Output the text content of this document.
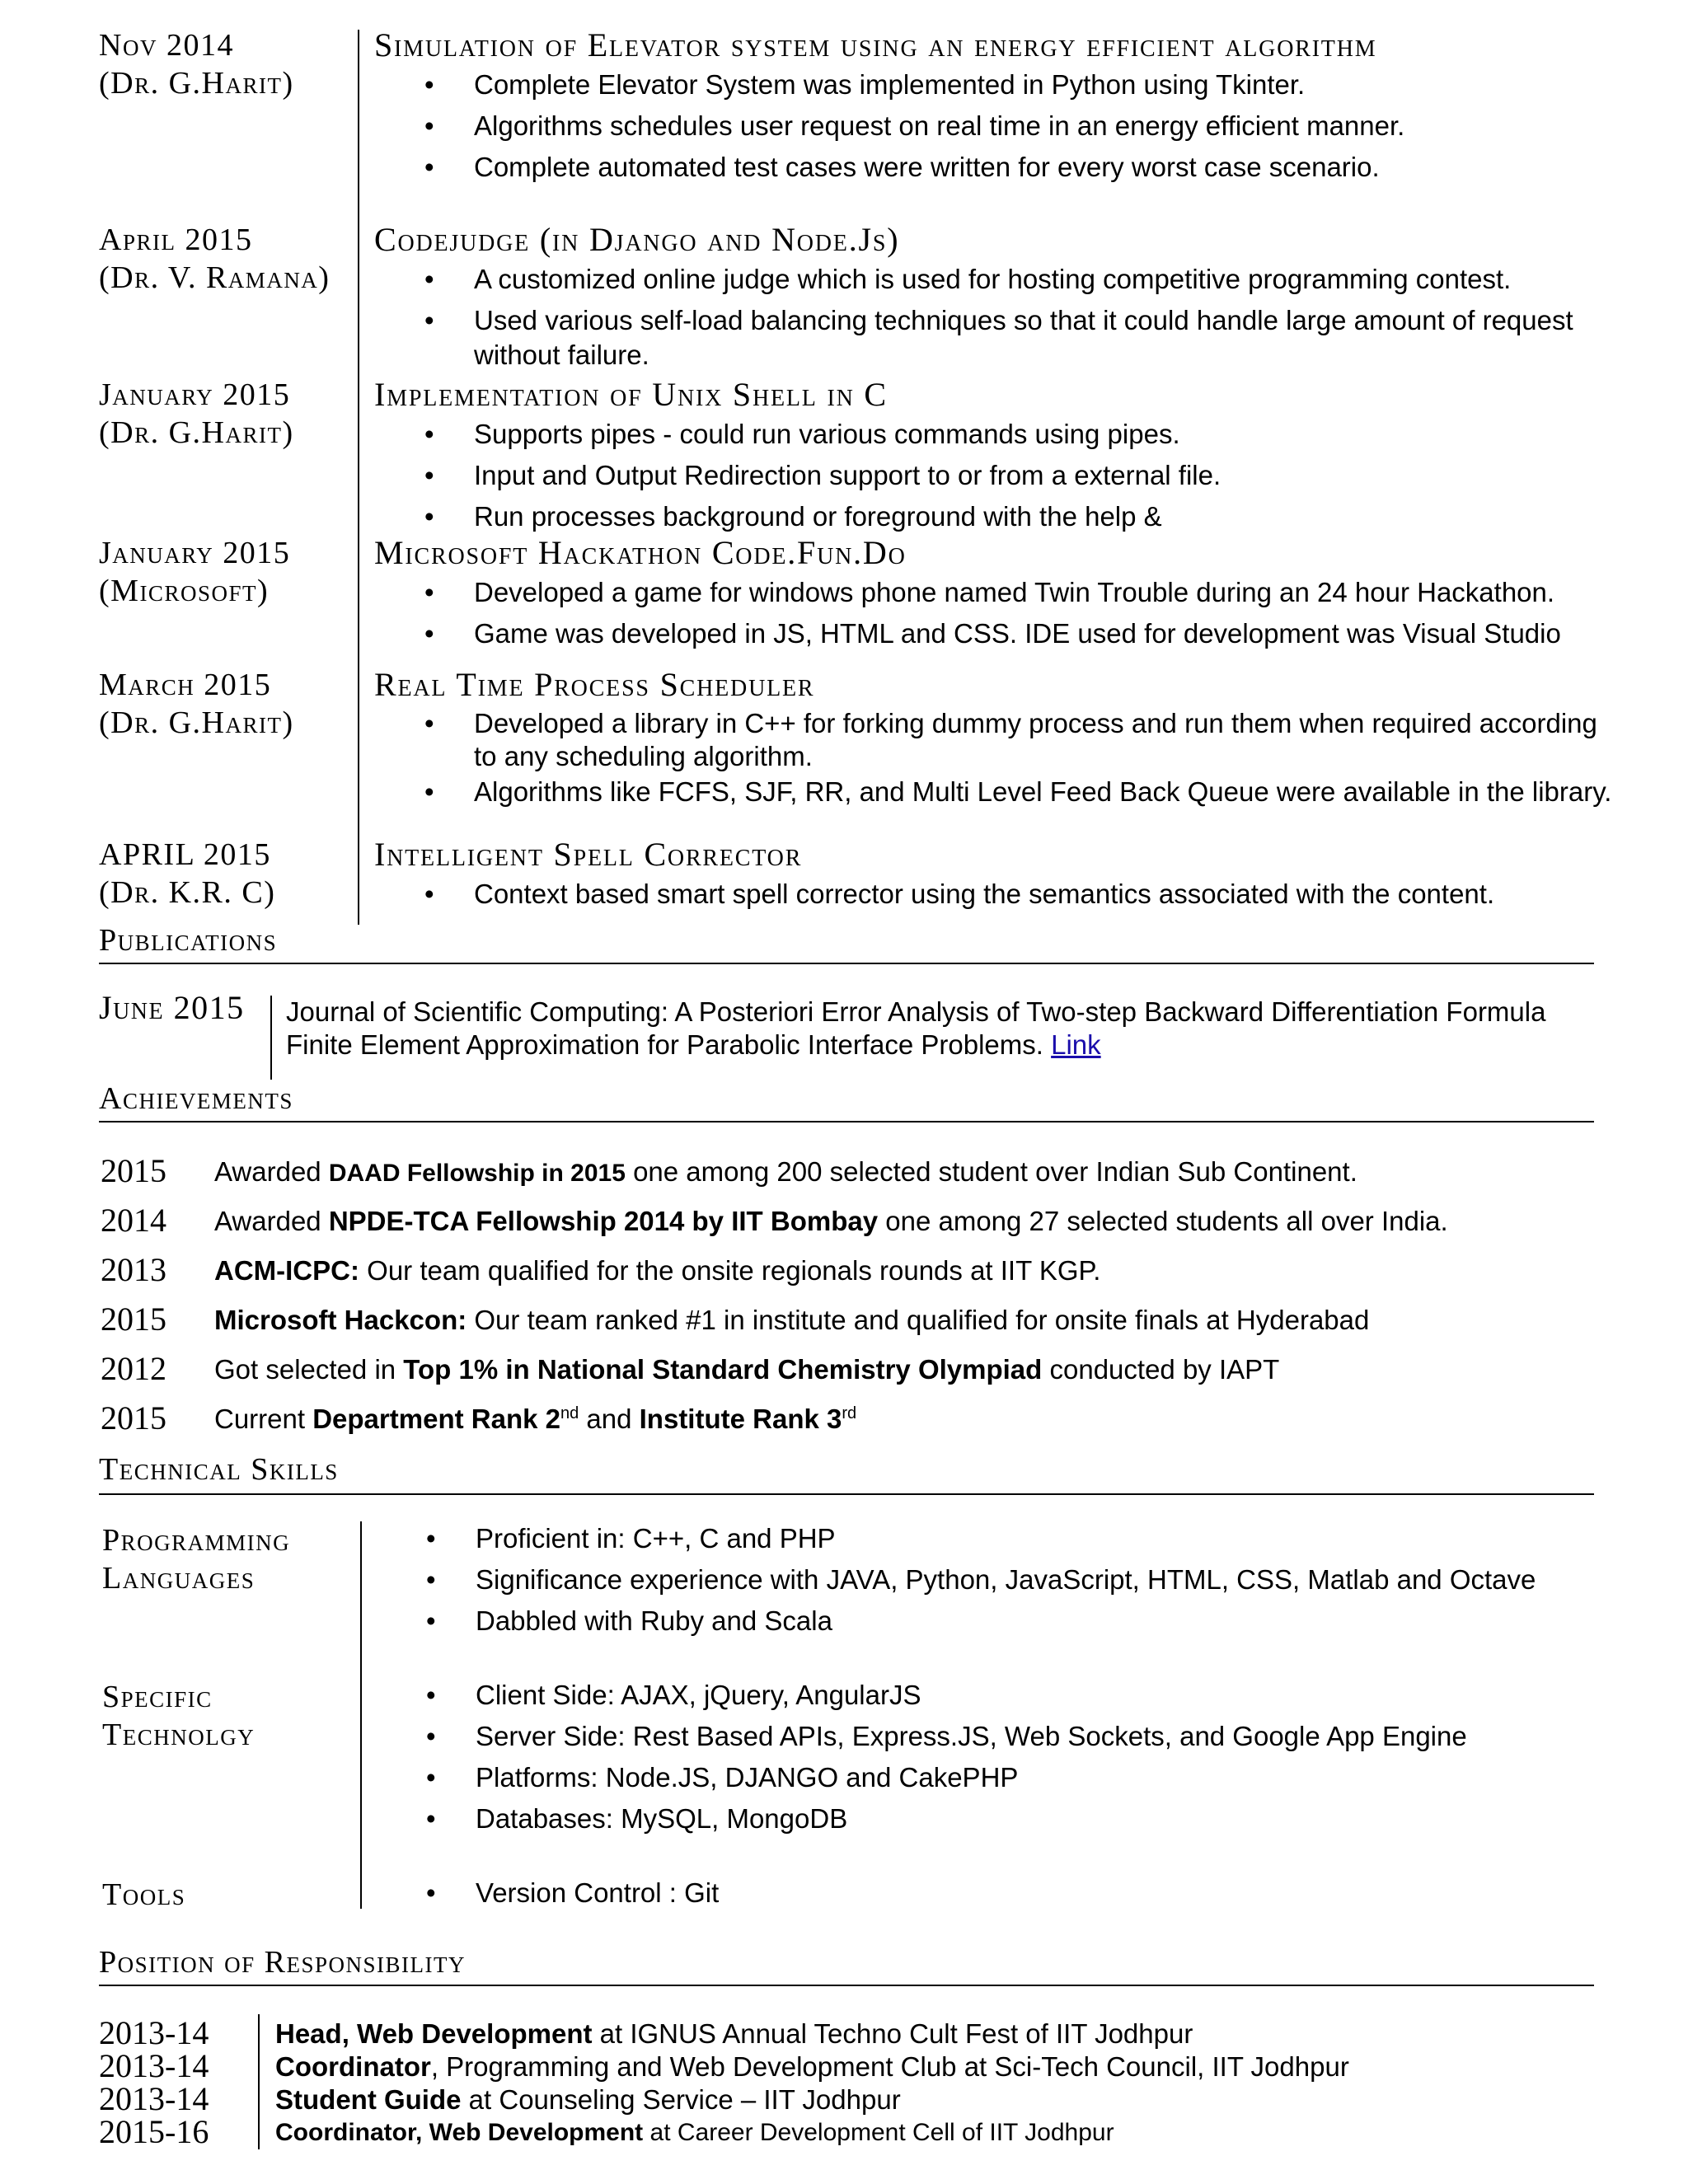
Nov 2014
(Dr. G.Harit)
Simulation of Elevator system using an energy efficient algorithm
• Complete Elevator System was implemented in Python using Tkinter.
• Algorithms schedules user request on real time in an energy efficient manner.
• Complete automated test cases were written for every worst case scenario.
April 2015
(Dr. V. Ramana)
Codejudge (in Django and Node.Js)
• A customized online judge which is used for hosting competitive programming contest.
• Used various self-load balancing techniques so that it could handle large amount of request without failure.
January 2015
(Dr. G.Harit)
Implementation of Unix Shell in C
• Supports pipes - could run various commands using pipes.
• Input and Output Redirection support to or from a external file.
• Run processes background or foreground with the help &
January 2015
(Microsoft)
Microsoft Hackathon Code.Fun.Do
• Developed a game for windows phone named Twin Trouble during an 24 hour Hackathon.
• Game was developed in JS, HTML and CSS. IDE used for development was Visual Studio
March 2015
(Dr. G.Harit)
Real Time Process Scheduler
• Developed a library in C++ for forking dummy process and run them when required according to any scheduling algorithm.
• Algorithms like FCFS, SJF, RR, and Multi Level Feed Back Queue were available in the library.
APRIL 2015
(Dr. K.R. C)
Intelligent Spell Corrector
• Context based smart spell corrector using the semantics associated with the content.
Publications
June 2015 Journal of Scientific Computing: A Posteriori Error Analysis of Two-step Backward Differentiation Formula Finite Element Approximation for Parabolic Interface Problems. Link
Achievements
2015 Awarded DAAD Fellowship in 2015 one among 200 selected student over Indian Sub Continent.
2014 Awarded NPDE-TCA Fellowship 2014 by IIT Bombay one among 27 selected students all over India.
2013 ACM-ICPC: Our team qualified for the onsite regionals rounds at IIT KGP.
2015 Microsoft Hackcon: Our team ranked #1 in institute and qualified for onsite finals at Hyderabad
2012 Got selected in Top 1% in National Standard Chemistry Olympiad conducted by IAPT
2015 Current Department Rank 2nd and Institute Rank 3rd
Technical Skills
Programming Languages
• Proficient in: C++, C and PHP
• Significance experience with JAVA, Python, JavaScript, HTML, CSS, Matlab and Octave
• Dabbled with Ruby and Scala
Specific Technolgy
• Client Side: AJAX, jQuery, AngularJS
• Server Side: Rest Based APIs, Express.JS, Web Sockets, and Google App Engine
• Platforms: Node.JS, DJANGO and CakePHP
• Databases: MySQL, MongoDB
Tools
•	Version Control : Git
Position of Responsibility
2013-14 Head, Web Development at IGNUS Annual Techno Cult Fest of IIT Jodhpur
2013-14 Coordinator, Programming and Web Development Club at Sci-Tech Council, IIT Jodhpur
2013-14 Student Guide at Counseling Service – IIT Jodhpur
2015-16	Coordinator, Web Development at Career Development Cell of IIT Jodhpur
